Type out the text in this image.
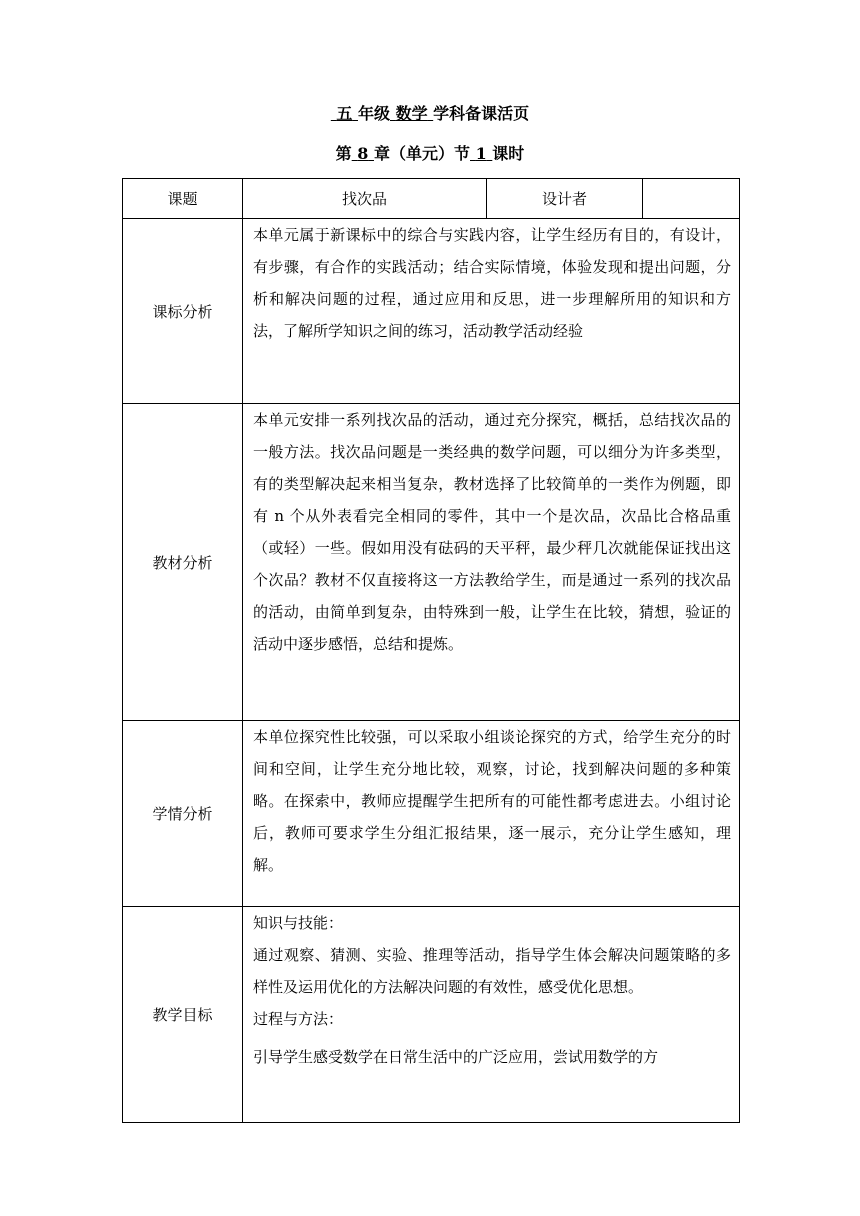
五 年级 数学 学科备课活页
第 8 章（单元）节 1 课时
课题	找次品	设计者	
课标分析	本单元属于新课标中的综合与实践内容，让学生经历有目的，有设计，有步骤，有合作的实践活动；结合实际情境，体验发现和提出问题，分析和解决问题的过程，通过应用和反思，进一步理解所用的知识和方法，了解所学知识之间的练习，活动教学活动经验		

教材分析	本单元安排一系列找次品的活动，通过充分探究，概括，总结找次品的一般方法。找次品问题是一类经典的数学问题，可以细分为许多类型，有的类型解决起来相当复杂，教材选择了比较简单的一类作为例题，即有 n 个从外表看完全相同的零件，其中一个是次品，次品比合格品重（或轻）一些。假如用没有砝码的天平秤，最少秤几次就能保证找出这个次品？教材不仅直接将这一方法教给学生，而是通过一系列的找次品的活动，由简单到复杂，由特殊到一般，让学生在比较，猜想，验证的活动中逐步感悟，总结和提炼。		

学情分析	本单位探究性比较强，可以采取小组谈论探究的方式，给学生充分的时间和空间，让学生充分地比较，观察，讨论，找到解决问题的多种策略。在探索中，教师应提醒学生把所有的可能性都考虑进去。小组讨论后，教师可要求学生分组汇报结果，逐一展示，充分让学生感知，理解。		

教学目标	知识与技能：
通过观察、猜测、实验、推理等活动，指导学生体会解决问题策略的多样性及运用优化的方法解决问题的有效性，感受优化思想。
过程与方法：
引导学生感受数学在日常生活中的广泛应用，尝试用数学的方		
